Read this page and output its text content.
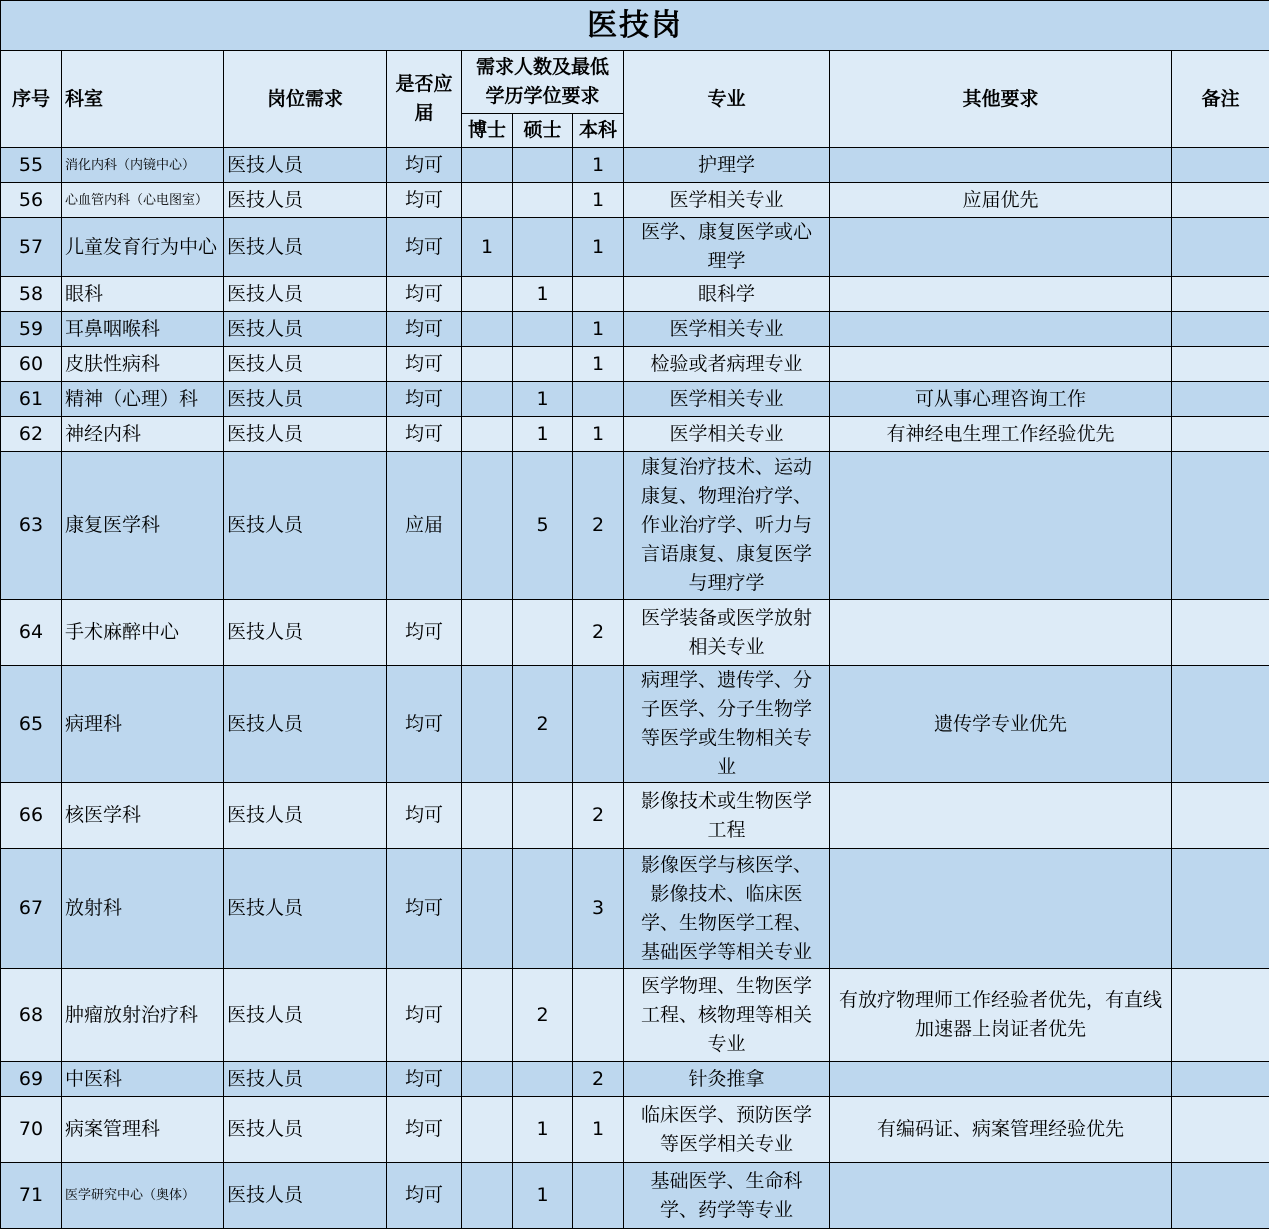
医技岗									
序号	科室	岗位需求	是否应届	需求人数及最低学历学位要求			专业	其他要求	备注
				博士	硕士	本科			
55	消化内科（内镜中心）	医技人员	均可			1	护理学		
56	心血管内科（心电图室）	医技人员	均可			1	医学相关专业	应届优先	
57	儿童发育行为中心	医技人员	均可	1		1	医学、康复医学或心理学		
58	眼科	医技人员	均可		1		眼科学		
59	耳鼻咽喉科	医技人员	均可			1	医学相关专业		
60	皮肤性病科	医技人员	均可			1	检验或者病理专业		
61	精神（心理）科	医技人员	均可		1		医学相关专业	可从事心理咨询工作	
62	神经内科	医技人员	均可		1	1	医学相关专业	有神经电生理工作经验优先	
63	康复医学科	医技人员	应届		5	2	康复治疗技术、运动康复、物理治疗学、作业治疗学、听力与言语康复、康复医学与理疗学		
64	手术麻醉中心	医技人员	均可			2	医学装备或医学放射相关专业		
65	病理科	医技人员	均可		2		病理学、遗传学、分子医学、分子生物学等医学或生物相关专业	遗传学专业优先	
66	核医学科	医技人员	均可			2	影像技术或生物医学工程		
67	放射科	医技人员	均可			3	影像医学与核医学、影像技术、临床医学、生物医学工程、基础医学等相关专业		
68	肿瘤放射治疗科	医技人员	均可		2		医学物理、生物医学工程、核物理等相关专业	有放疗物理师工作经验者优先，有直线加速器上岗证者优先	
69	中医科	医技人员	均可			2	针灸推拿		
70	病案管理科	医技人员	均可		1	1	临床医学、预防医学等医学相关专业	有编码证、病案管理经验优先	
71	医学研究中心（奥体）	医技人员	均可		1		基础医学、生命科学、药学等专业		
